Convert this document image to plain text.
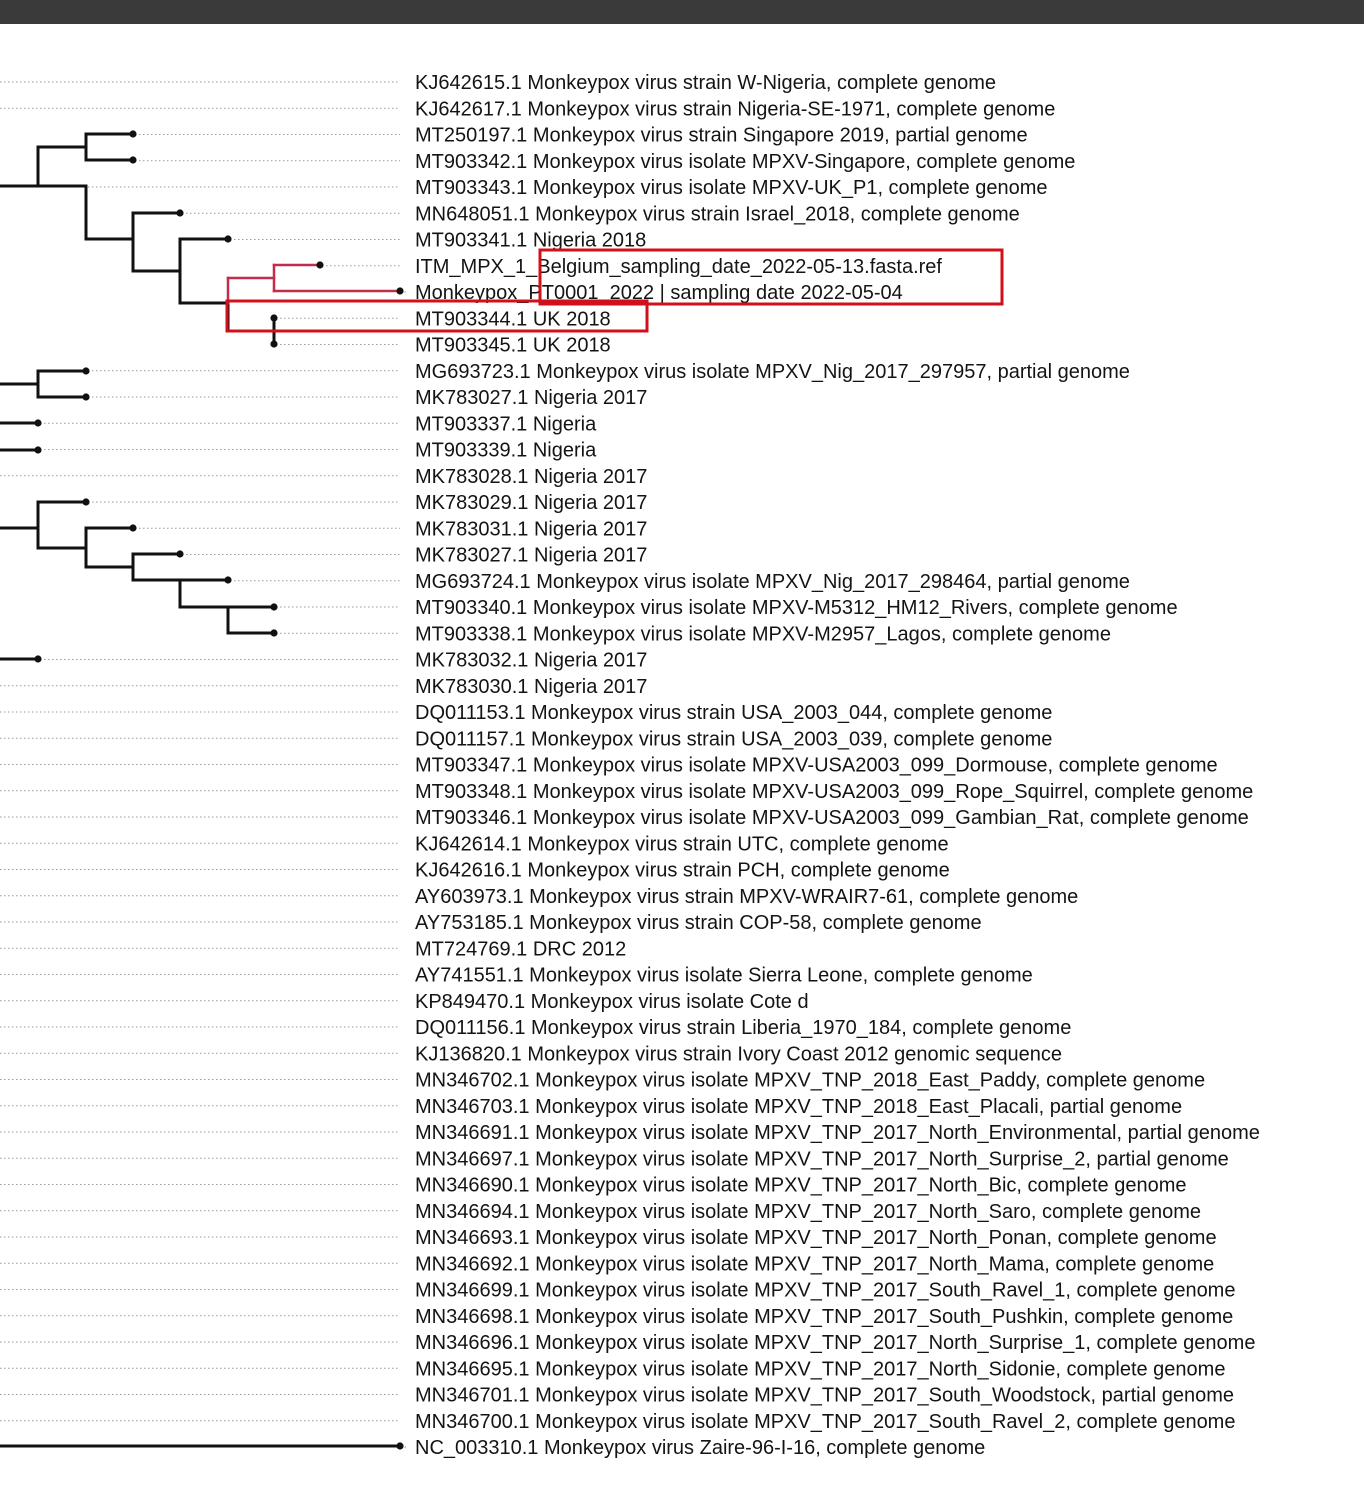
KJ642615.1 Monkeypox virus strain W-Nigeria, complete genome
KJ642617.1 Monkeypox virus strain Nigeria-SE-1971, complete genome
MT250197.1 Monkeypox virus strain Singapore 2019, partial genome
MT903342.1 Monkeypox virus isolate MPXV-Singapore, complete genome
MT903343.1 Monkeypox virus isolate MPXV-UK_P1, complete genome
MN648051.1 Monkeypox virus strain Israel_2018, complete genome
MT903341.1 Nigeria 2018
ITM_MPX_1_Belgium_sampling_date_2022-05-13.fasta.ref
Monkeypox_PT0001_2022 | sampling date 2022-05-04
MT903344.1 UK 2018
MT903345.1 UK 2018
MG693723.1 Monkeypox virus isolate MPXV_Nig_2017_297957, partial genome
MK783027.1 Nigeria 2017
MT903337.1 Nigeria
MT903339.1 Nigeria
MK783028.1 Nigeria 2017
MK783029.1 Nigeria 2017
MK783031.1 Nigeria 2017
MK783027.1 Nigeria 2017
MG693724.1 Monkeypox virus isolate MPXV_Nig_2017_298464, partial genome
MT903340.1 Monkeypox virus isolate MPXV-M5312_HM12_Rivers, complete genome
MT903338.1 Monkeypox virus isolate MPXV-M2957_Lagos, complete genome
MK783032.1 Nigeria 2017
MK783030.1 Nigeria 2017
DQ011153.1 Monkeypox virus strain USA_2003_044, complete genome
DQ011157.1 Monkeypox virus strain USA_2003_039, complete genome
MT903347.1 Monkeypox virus isolate MPXV-USA2003_099_Dormouse, complete genome
MT903348.1 Monkeypox virus isolate MPXV-USA2003_099_Rope_Squirrel, complete genome
MT903346.1 Monkeypox virus isolate MPXV-USA2003_099_Gambian_Rat, complete genome
KJ642614.1 Monkeypox virus strain UTC, complete genome
KJ642616.1 Monkeypox virus strain PCH, complete genome
AY603973.1 Monkeypox virus strain MPXV-WRAIR7-61, complete genome
AY753185.1 Monkeypox virus strain COP-58, complete genome
MT724769.1 DRC 2012
AY741551.1 Monkeypox virus isolate Sierra Leone, complete genome
KP849470.1 Monkeypox virus isolate Cote d
DQ011156.1 Monkeypox virus strain Liberia_1970_184, complete genome
KJ136820.1 Monkeypox virus strain Ivory Coast 2012 genomic sequence
MN346702.1 Monkeypox virus isolate MPXV_TNP_2018_East_Paddy, complete genome
MN346703.1 Monkeypox virus isolate MPXV_TNP_2018_East_Placali, partial genome
MN346691.1 Monkeypox virus isolate MPXV_TNP_2017_North_Environmental, partial genome
MN346697.1 Monkeypox virus isolate MPXV_TNP_2017_North_Surprise_2, partial genome
MN346690.1 Monkeypox virus isolate MPXV_TNP_2017_North_Bic, complete genome
MN346694.1 Monkeypox virus isolate MPXV_TNP_2017_North_Saro, complete genome
MN346693.1 Monkeypox virus isolate MPXV_TNP_2017_North_Ponan, complete genome
MN346692.1 Monkeypox virus isolate MPXV_TNP_2017_North_Mama, complete genome
MN346699.1 Monkeypox virus isolate MPXV_TNP_2017_South_Ravel_1, complete genome
MN346698.1 Monkeypox virus isolate MPXV_TNP_2017_South_Pushkin, complete genome
MN346696.1 Monkeypox virus isolate MPXV_TNP_2017_North_Surprise_1, complete genome
MN346695.1 Monkeypox virus isolate MPXV_TNP_2017_North_Sidonie, complete genome
MN346701.1 Monkeypox virus isolate MPXV_TNP_2017_South_Woodstock, partial genome
MN346700.1 Monkeypox virus isolate MPXV_TNP_2017_South_Ravel_2, complete genome
NC_003310.1 Monkeypox virus Zaire-96-I-16, complete genome
